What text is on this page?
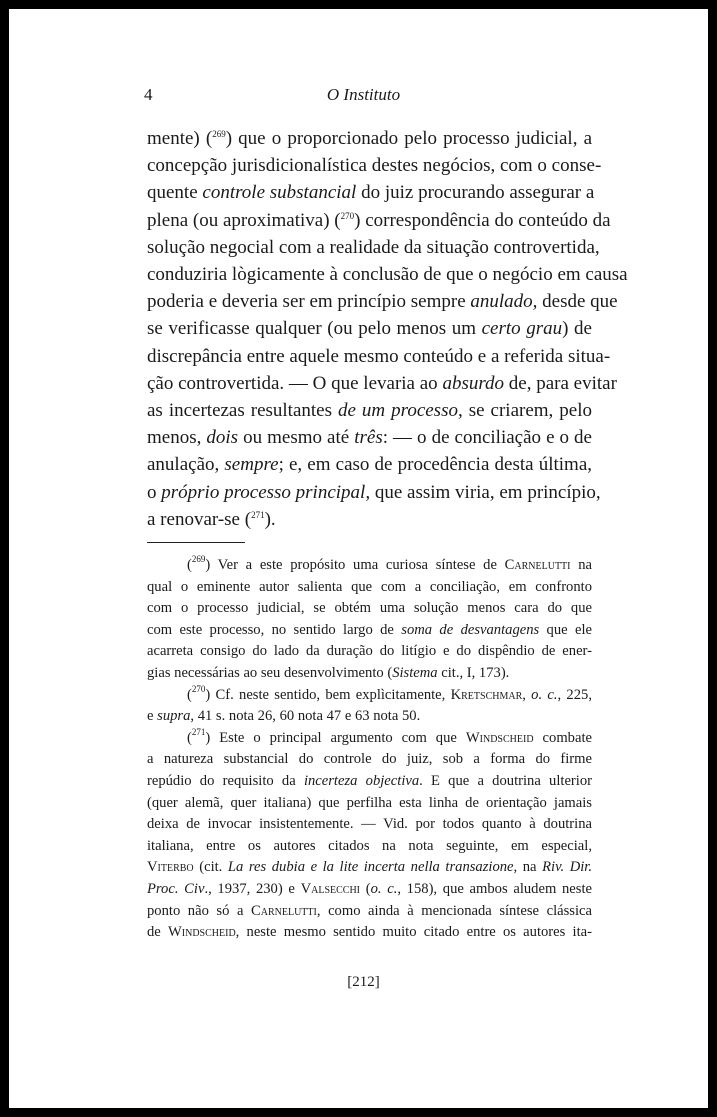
4	O Instituto
mente) ($^{269}$) que o proporcionado pelo processo judicial, a
concepção jurisdicionalística destes negócios, com o conse-
quente controle substancial do juiz procurando assegurar a
plena (ou aproximativa) ($^{270}$) correspondência do conteúdo da
solução negocial com a realidade da situação controvertida,
conduziria lògicamente à conclusão de que o negócio em causa
poderia e deveria ser em princípio sempre anulado, desde que
se verificasse qualquer (ou pelo menos um certo grau) de
discrepância entre aquele mesmo conteúdo e a referida situa-
ção controvertida. — O que levaria ao absurdo de, para evitar
as incertezas resultantes de um processo, se criarem, pelo
menos, dois ou mesmo até três: — o de conciliação e o de
anulação, sempre; e, em caso de procedência desta última,
o próprio processo principal, que assim viria, em princípio,
a renovar-se ($^{271}$).
($^{269}$) Ver a este propósito uma curiosa síntese de Carnelutti na
qual o eminente autor salienta que com a conciliação, em confronto
com o processo judicial, se obtém uma solução menos cara do que
com este processo, no sentido largo de soma de desvantagens que ele
acarreta consigo do lado da duração do litígio e do dispêndio de ener-
gias necessárias ao seu desenvolvimento (Sistema cit., I, 173).
($^{270}$) Cf. neste sentido, bem explìcitamente, Kretschmar, o. c., 225,
e supra, 41 s. nota 26, 60 nota 47 e 63 nota 50.
($^{271}$) Este o principal argumento com que Windscheid combate
a natureza substancial do controle do juiz, sob a forma do firme
repúdio do requisito da incerteza objectiva. E que a doutrina ulterior
(quer alemã, quer italiana) que perfilha esta linha de orientação jamais
deixa de invocar insistentemente. — Vid. por todos quanto à doutrina
italiana, entre os autores citados na nota seguinte, em especial,
Viterbo (cit. La res dubia e la lite incerta nella transazione, na Riv. Dir.
Proc. Civ., 1937, 230) e Valsecchi (o. c., 158), que ambos aludem neste
ponto não só a Carnelutti, como ainda à mencionada síntese clássica
de Windscheid, neste mesmo sentido muito citado entre os autores ita-
[212]
